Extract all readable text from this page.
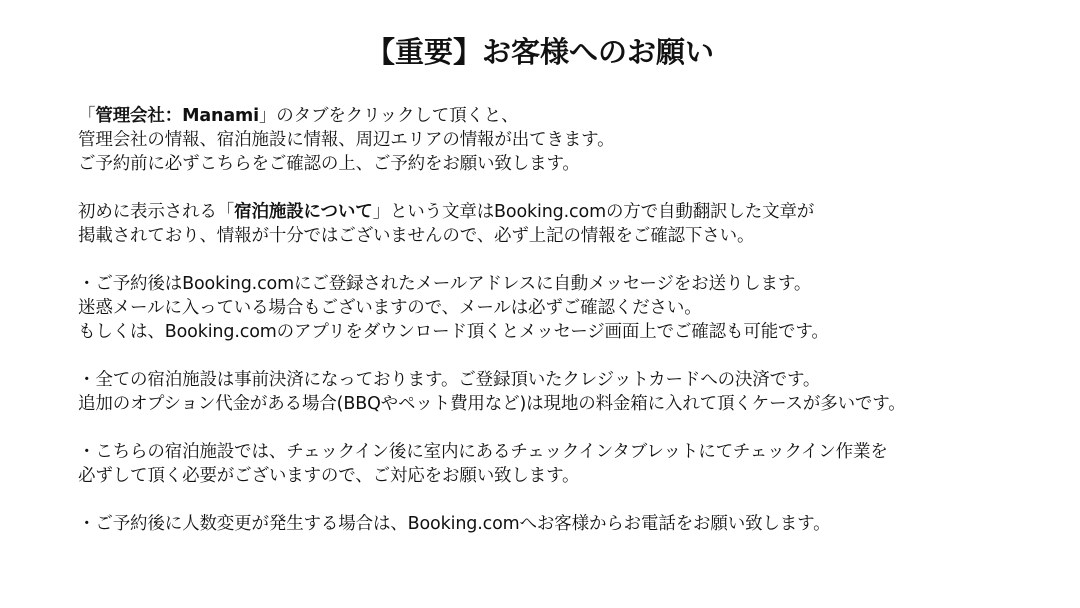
【重要】お客様へのお願い
「管理会社：Manami」のタブをクリックして頂くと、
管理会社の情報、宿泊施設に情報、周辺エリアの情報が出てきます。
ご予約前に必ずこちらをご確認の上、ご予約をお願い致します。
初めに表示される「宿泊施設について」という文章はBooking.comの方で自動翻訳した文章が
掲載されており、情報が十分ではございませんので、必ず上記の情報をご確認下さい。
・ご予約後はBooking.comにご登録されたメールアドレスに自動メッセージをお送りします。
迷惑メールに入っている場合もございますので、メールは必ずご確認ください。
もしくは、Booking.comのアプリをダウンロード頂くとメッセージ画面上でご確認も可能です。
・全ての宿泊施設は事前決済になっております。ご登録頂いたクレジットカードへの決済です。
追加のオプション代金がある場合(BBQやペット費用など)は現地の料金箱に入れて頂くケースが多いです。
・こちらの宿泊施設では、チェックイン後に室内にあるチェックインタブレットにてチェックイン作業を
必ずして頂く必要がございますので、ご対応をお願い致します。
・ご予約後に人数変更が発生する場合は、Booking.comへお客様からお電話をお願い致します。
